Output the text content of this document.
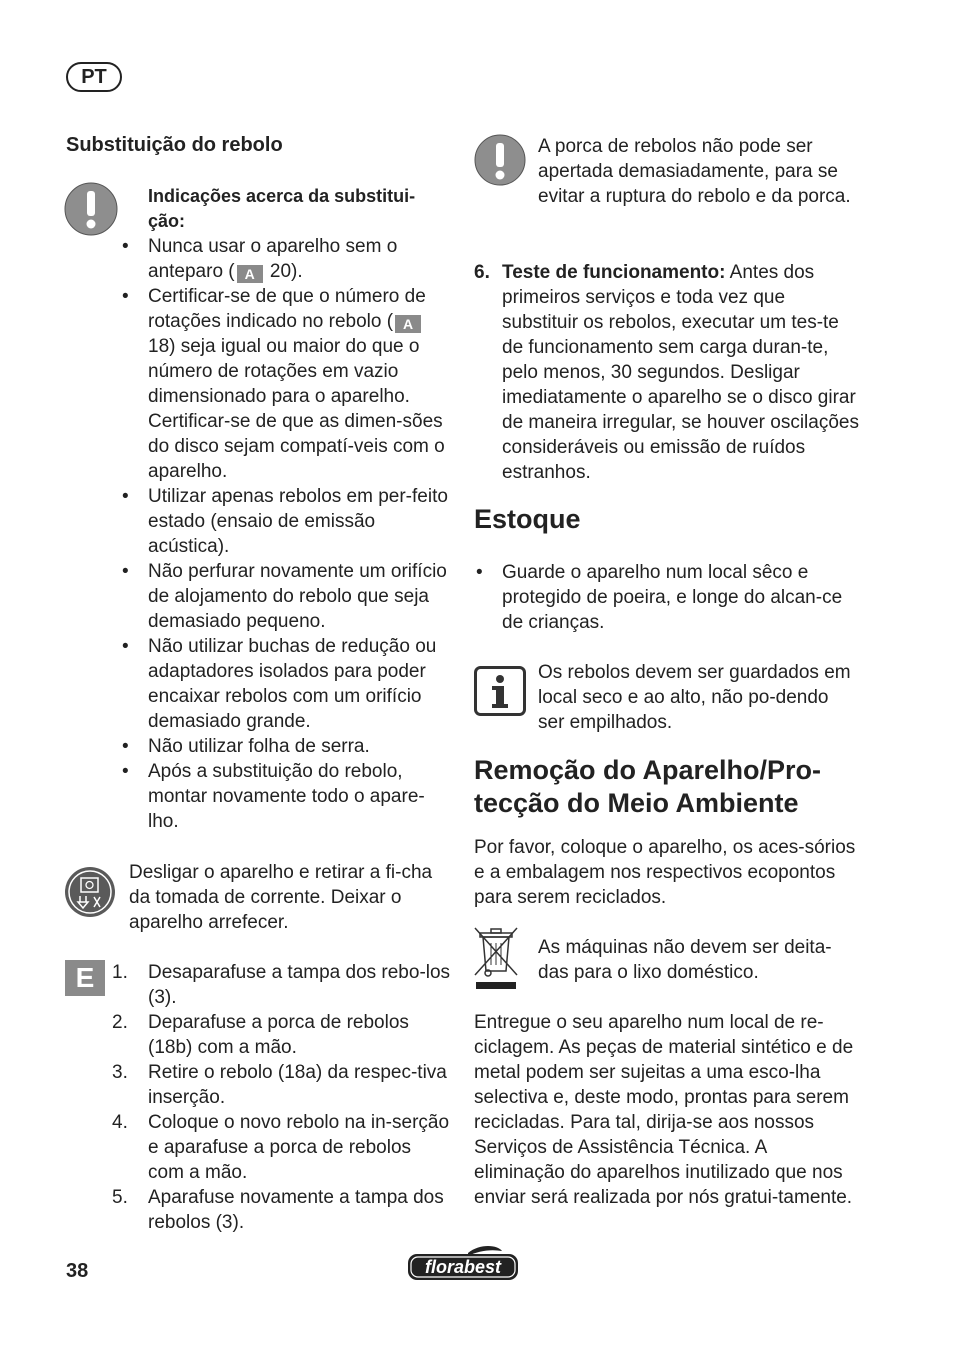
PT
Substituição do rebolo
Indicações acerca da substitui-ção:
• Nunca usar o aparelho sem o anteparo ( A 20).
• Certificar-se de que o número de rotações indicado no rebolo ( A 18) seja igual ou maior do que o número de rotações em vazio dimensionado para o aparelho. Certificar-se de que as dimen-sões do disco sejam compatí-veis com o aparelho.
• Utilizar apenas rebolos em per-feito estado (ensaio de emissão acústica).
• Não perfurar novamente um orifício de alojamento do rebolo que seja demasiado pequeno.
• Não utilizar buchas de redução ou adaptadores isolados para poder encaixar rebolos com um orifício demasiado grande.
• Não utilizar folha de serra.
• Após a substituição do rebolo, montar novamente todo o apare-lho.
Desligar o aparelho e retirar a fi-cha da tomada de corrente. Deixar o aparelho arrefecer.
E 1. Desaparafuse a tampa dos rebo-los (3).
2. Deparafuse a porca de rebolos (18b) com a mão.
3. Retire o rebolo (18a) da respec-tiva inserção.
4. Coloque o novo rebolo na in-serção e aparafuse a porca de rebolos com a mão.
5. Aparafuse novamente a tampa dos rebolos (3).
A porca de rebolos não pode ser apertada demasiadamente, para se evitar a ruptura do rebolo e da porca.
6. Teste de funcionamento: Antes dos primeiros serviços e toda vez que substituir os rebolos, executar um tes-te de funcionamento sem carga duran-te, pelo menos, 30 segundos. Desligar imediatamente o aparelho se o disco girar de maneira irregular, se houver oscilações consideráveis ou emissão de ruídos estranhos.
Estoque
• Guarde o aparelho num local sêco e protegido de poeira, e longe do alcan-ce de crianças.
Os rebolos devem ser guardados em local seco e ao alto, não po-dendo ser empilhados.
Remoção do Aparelho/Pro-tecção do Meio Ambiente
Por favor, coloque o aparelho, os aces-sórios e a embalagem nos respectivos ecopontos para serem reciclados.
As máquinas não devem ser deita-das para o lixo doméstico.
Entregue o seu aparelho num local de re-ciclagem. As peças de material sintético e de metal podem ser sujeitas a uma esco-lha selectiva e, deste modo, prontas para serem recicladas. Para tal, dirija-se aos nossos Serviços de Assistência Técnica. A eliminação do aparelhos inutilizado que nos enviar será realizada por nós gratui-tamente.
38	florabest
